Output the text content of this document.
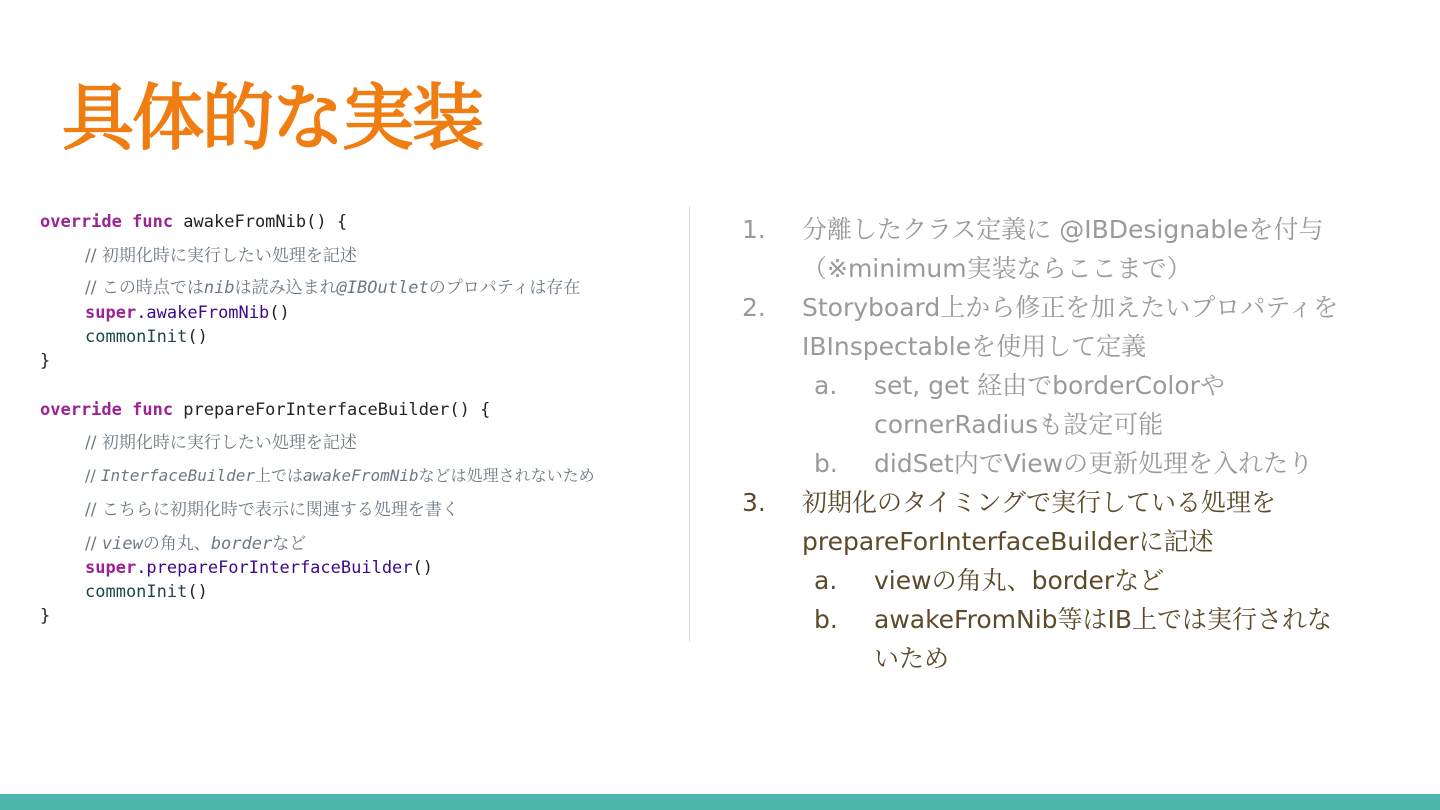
具体的な実装
override func awakeFromNib() {
// 初期化時に実行したい処理を記述
// この時点ではnibは読み込まれ@IBOutletのプロパティは存在
super.awakeFromNib()
commonInit()
}
override func prepareForInterfaceBuilder() {
// 初期化時に実行したい処理を記述
// InterfaceBuilder上ではawakeFromNibなどは処理されないため
// こちらに初期化時で表示に関連する処理を書く
// viewの角丸、borderなど
super.prepareForInterfaceBuilder()
commonInit()
}
1. 分離したクラス定義に @IBDesignableを付与
（※minimum実装ならここまで）
2. Storyboard上から修正を加えたいプロパティを
IBInspectableを使用して定義
a. set, get 経由でborderColorや
cornerRadiusも設定可能
b. didSet内でViewの更新処理を入れたり
3. 初期化のタイミングで実行している処理を
prepareForInterfaceBuilderに記述
a. viewの角丸、borderなど
b. awakeFromNib等はIB上では実行されな
いため
